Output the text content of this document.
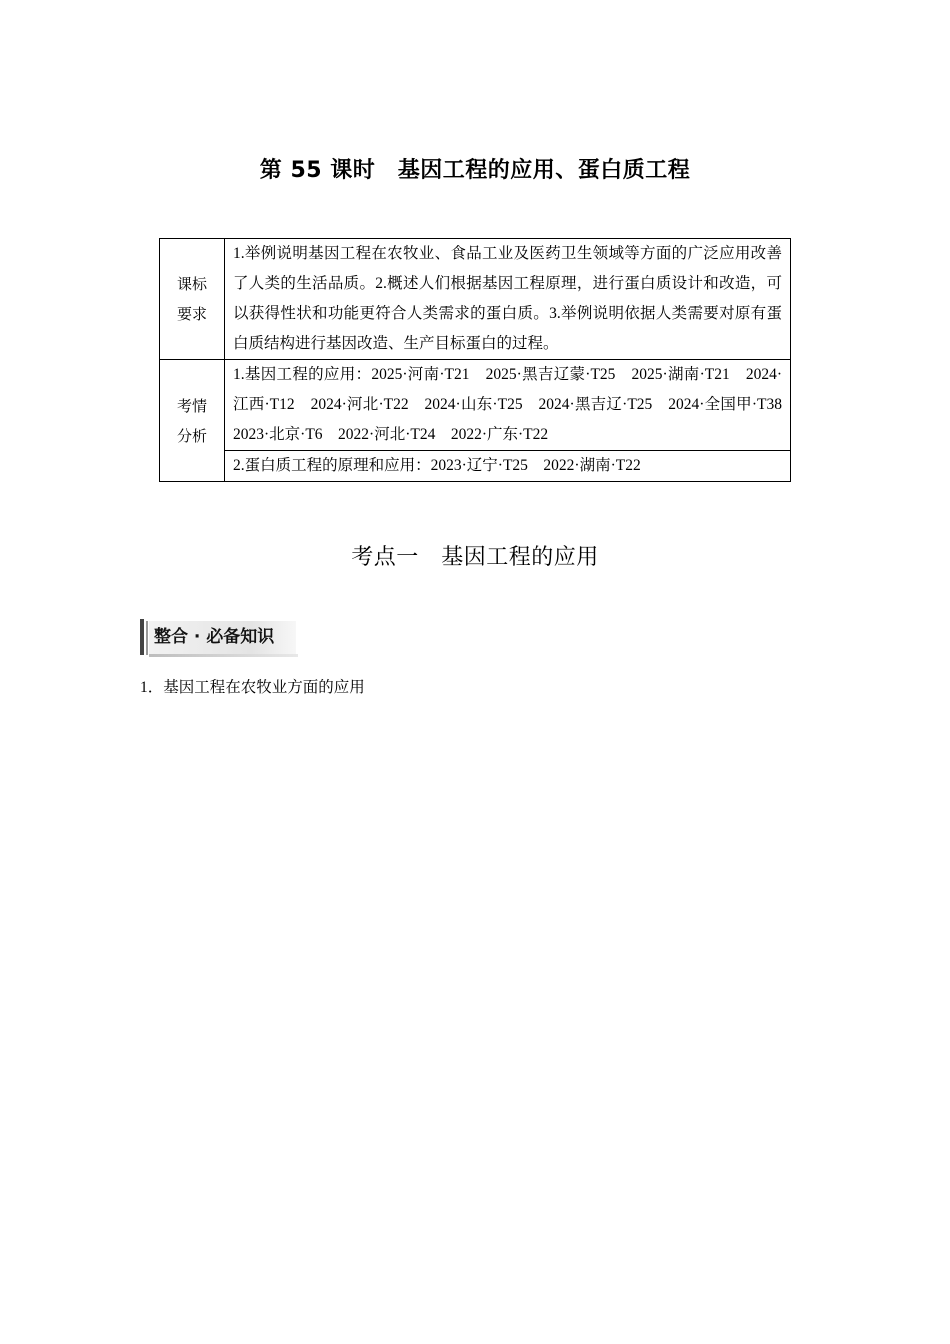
第 55 课时　基因工程的应用、蛋白质工程
课标
要求	1.举例说明基因工程在农牧业、食品工业及医药卫生领域等方面的广泛应用改善了人类的生活品质。2.概述人们根据基因工程原理，进行蛋白质设计和改造，可以获得性状和功能更符合人类需求的蛋白质。3.举例说明依据人类需要对原有蛋白质结构进行基因改造、生产目标蛋白的过程。

考情
分析	1.基因工程的应用：2025·河南·T21　2025·黑吉辽蒙·T25　2025·湖南·T21　2024·江西·T12　2024·河北·T22　2024·山东·T25　2024·黑吉辽·T25　2024·全国甲·T38　2023·北京·T6　2022·河北·T24　2022·广东·T22
	2.蛋白质工程的原理和应用：2023·辽宁·T25　2022·湖南·T22
考点一　基因工程的应用
整合 · 必备知识
1．基因工程在农牧业方面的应用
